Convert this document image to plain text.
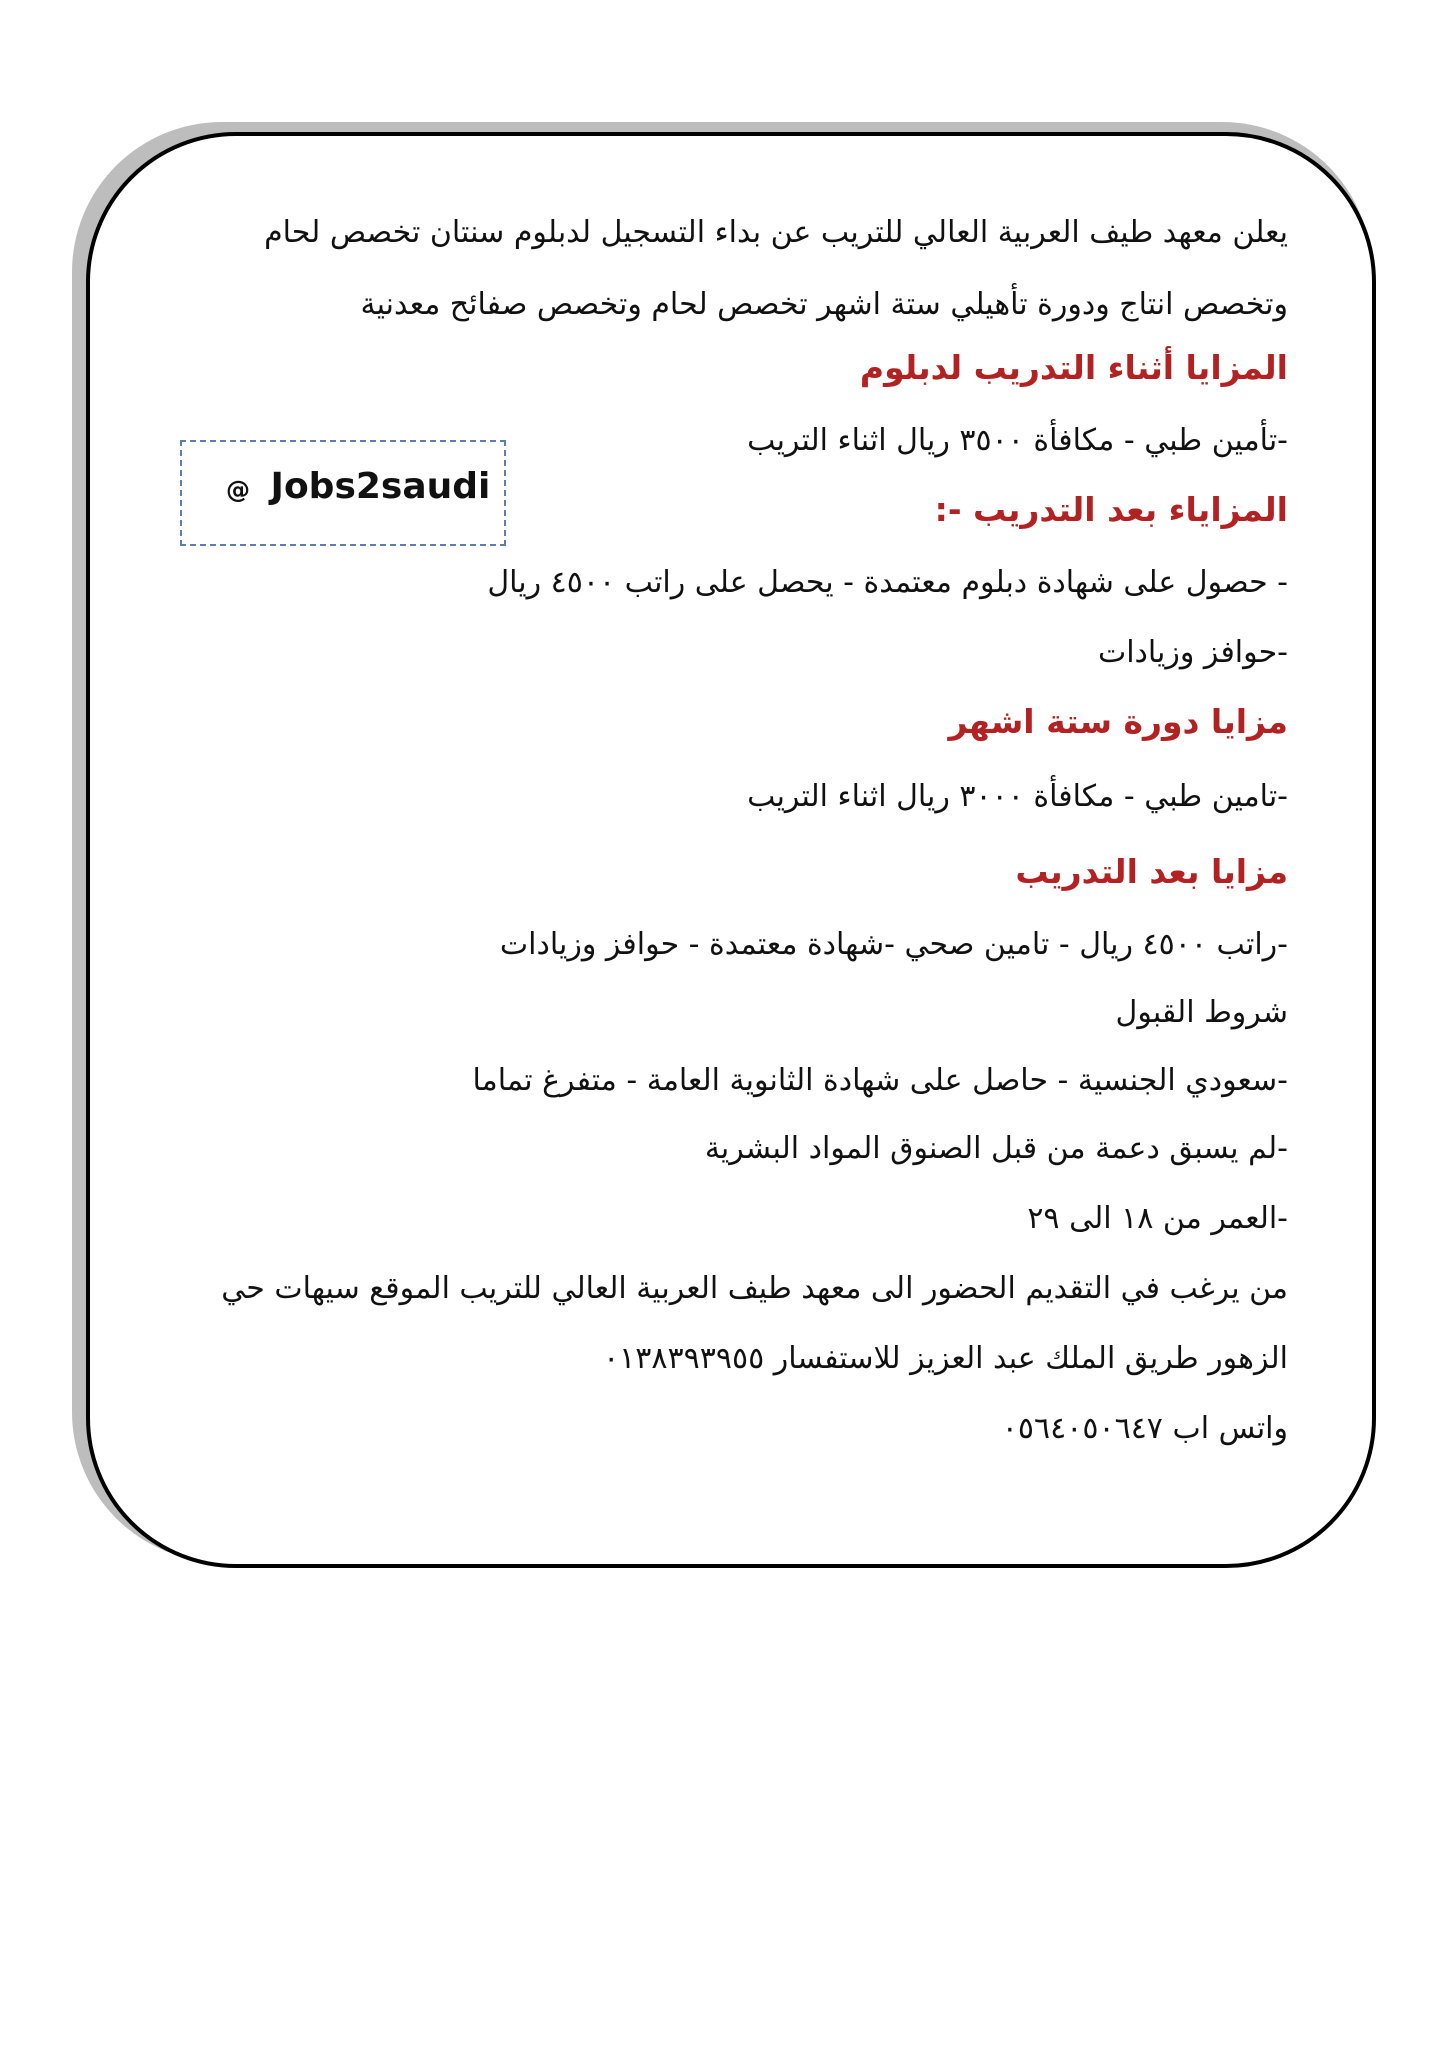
@ Jobs2saudi
يعلن معهد طيف العربية العالي للتريب عن بداء التسجيل لدبلوم سنتان تخصص لحام
وتخصص انتاج ودورة تأهيلي ستة اشهر تخصص لحام وتخصص صفائح معدنية
المزايا أثناء التدريب لدبلوم
-تأمين طبي - مكافأة ٣٥٠٠ ريال اثناء التريب
المزاياء بعد التدريب -:
- حصول على شهادة دبلوم معتمدة - يحصل على راتب ٤٥٠٠ ريال
-حوافز وزيادات
مزايا دورة ستة اشهر
-تامين طبي - مكافأة ٣٠٠٠ ريال اثناء التريب
مزايا بعد التدريب
-راتب ٤٥٠٠ ريال - تامين صحي -شهادة معتمدة - حوافز وزيادات
شروط القبول
-سعودي الجنسية - حاصل على شهادة الثانوية العامة - متفرغ تماما
-لم يسبق دعمة من قبل الصنوق المواد البشرية
-العمر من ١٨ الى ٢٩
من يرغب في التقديم الحضور الى معهد طيف العربية العالي للتريب الموقع سيهات حي
الزهور طريق الملك عبد العزيز للاستفسار ٠١٣٨٣٩٣٩٥٥
واتس اب ٠٥٦٤٠٥٠٦٤٧
